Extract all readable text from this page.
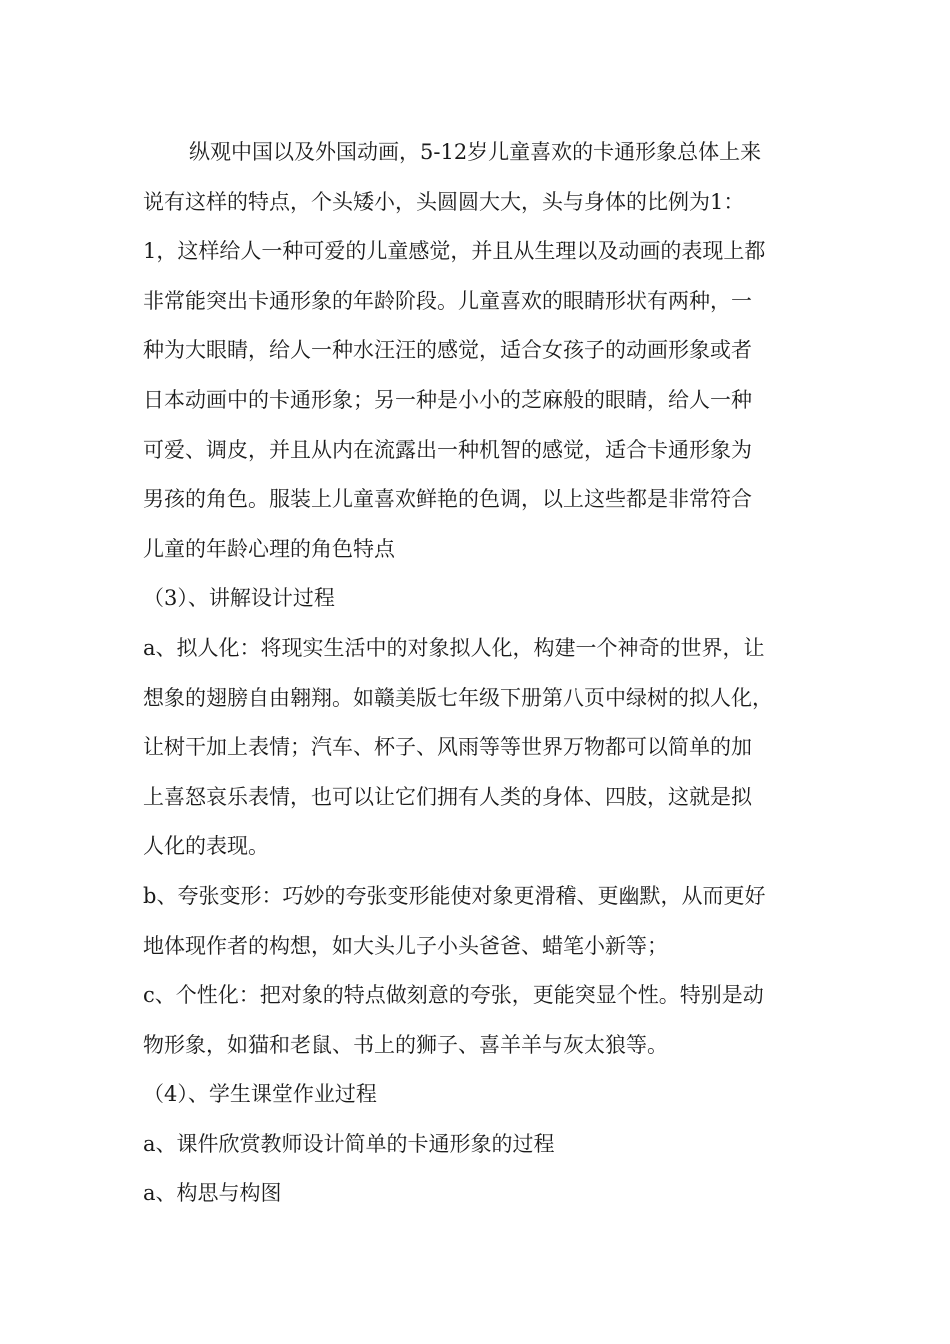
纵观中国以及外国动画，5-12岁儿童喜欢的卡通形象总体上来
说有这样的特点，个头矮小，头圆圆大大，头与身体的比例为1：
1，这样给人一种可爱的儿童感觉，并且从生理以及动画的表现上都
非常能突出卡通形象的年龄阶段。儿童喜欢的眼睛形状有两种，一
种为大眼睛，给人一种水汪汪的感觉，适合女孩子的动画形象或者
日本动画中的卡通形象；另一种是小小的芝麻般的眼睛，给人一种
可爱、调皮，并且从内在流露出一种机智的感觉，适合卡通形象为
男孩的角色。服装上儿童喜欢鲜艳的色调，以上这些都是非常符合
儿童的年龄心理的角色特点
（3）、讲解设计过程
a、拟人化：将现实生活中的对象拟人化，构建一个神奇的世界，让
想象的翅膀自由翱翔。如赣美版七年级下册第八页中绿树的拟人化，
让树干加上表情；汽车、杯子、风雨等等世界万物都可以简单的加
上喜怒哀乐表情，也可以让它们拥有人类的身体、四肢，这就是拟
人化的表现。
b、夸张变形：巧妙的夸张变形能使对象更滑稽、更幽默，从而更好
地体现作者的构想，如大头儿子小头爸爸、蜡笔小新等；
c、个性化：把对象的特点做刻意的夸张，更能突显个性。特别是动
物形象，如猫和老鼠、书上的狮子、喜羊羊与灰太狼等。
（4）、学生课堂作业过程
a、课件欣赏教师设计简单的卡通形象的过程
a、构思与构图
